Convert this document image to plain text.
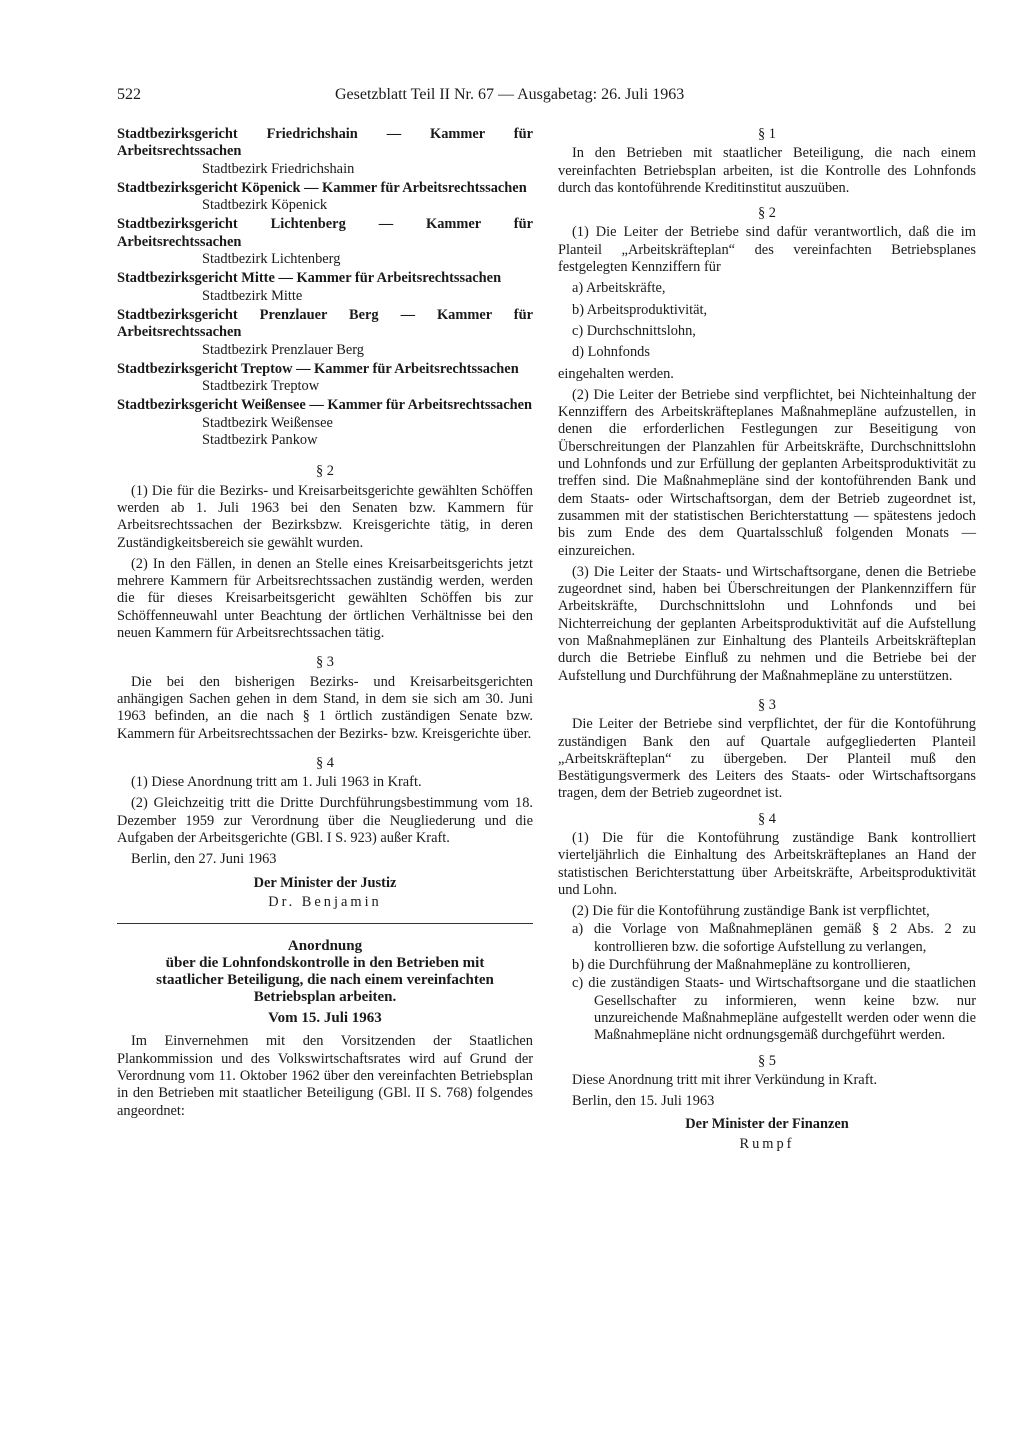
522	Gesetzblatt Teil II Nr. 67 — Ausgabetag: 26. Juli 1963
Stadtbezirksgericht Friedrichshain — Kammer für Arbeitsrechtssachen
Stadtbezirk Friedrichshain
Stadtbezirksgericht Köpenick — Kammer für Arbeitsrechtssachen
Stadtbezirk Köpenick
Stadtbezirksgericht Lichtenberg — Kammer für Arbeitsrechtssachen
Stadtbezirk Lichtenberg
Stadtbezirksgericht Mitte — Kammer für Arbeitsrechtssachen
Stadtbezirk Mitte
Stadtbezirksgericht Prenzlauer Berg — Kammer für Arbeitsrechtssachen
Stadtbezirk Prenzlauer Berg
Stadtbezirksgericht Treptow — Kammer für Arbeitsrechtssachen
Stadtbezirk Treptow
Stadtbezirksgericht Weißensee — Kammer für Arbeitsrechtssachen
Stadtbezirk Weißensee
Stadtbezirk Pankow
§ 2

(1) Die für die Bezirks- und Kreisarbeitsgerichte gewählten Schöffen werden ab 1. Juli 1963 bei den Senaten bzw. Kammern für Arbeitsrechtssachen der Bezirksbzw. Kreisgerichte tätig, in deren Zuständigkeitsbereich sie gewählt wurden.

(2) In den Fällen, in denen an Stelle eines Kreisarbeitsgerichts jetzt mehrere Kammern für Arbeitsrechtssachen zuständig werden, werden die für dieses Kreisarbeitsgericht gewählten Schöffen bis zur Schöffenneuwahl unter Beachtung der örtlichen Verhältnisse bei den neuen Kammern für Arbeitsrechtssachen tätig.

§ 3

Die bei den bisherigen Bezirks- und Kreisarbeitsgerichten anhängigen Sachen gehen in dem Stand, in dem sie sich am 30. Juni 1963 befinden, an die nach § 1 örtlich zuständigen Senate bzw. Kammern für Arbeitsrechtssachen der Bezirks- bzw. Kreisgerichte über.

§ 4

(1) Diese Anordnung tritt am 1. Juli 1963 in Kraft.

(2) Gleichzeitig tritt die Dritte Durchführungsbestimmung vom 18. Dezember 1959 zur Verordnung über die Neugliederung und die Aufgaben der Arbeitsgerichte (GBl. I S. 923) außer Kraft.

Berlin, den 27. Juni 1963

Der Minister der Justiz
Dr. Benjamin
Anordnung
über die Lohnfondskontrolle in den Betrieben mit staatlicher Beteiligung, die nach einem vereinfachten Betriebsplan arbeiten.
Vom 15. Juli 1963

Im Einvernehmen mit den Vorsitzenden der Staatlichen Plankommission und des Volkswirtschaftsrates wird auf Grund der Verordnung vom 11. Oktober 1962 über den vereinfachten Betriebsplan in den Betrieben mit staatlicher Beteiligung (GBl. II S. 768) folgendes angeordnet:

§ 1

In den Betrieben mit staatlicher Beteiligung, die nach einem vereinfachten Betriebsplan arbeiten, ist die Kontrolle des Lohnfonds durch das kontoführende Kreditinstitut auszuüben.

§ 2

(1) Die Leiter der Betriebe sind dafür verantwortlich, daß die im Planteil „Arbeitskräfteplan“ des vereinfachten Betriebsplanes festgelegten Kennziffern für

a) Arbeitskräfte,
b) Arbeitsproduktivität,
c) Durchschnittslohn,
d) Lohnfonds

eingehalten werden.

(2) Die Leiter der Betriebe sind verpflichtet, bei Nichteinhaltung der Kennziffern des Arbeitskräfteplanes Maßnahmepläne aufzustellen, in denen die erforderlichen Festlegungen zur Beseitigung von Überschreitungen der Planzahlen für Arbeitskräfte, Durchschnittslohn und Lohnfonds und zur Erfüllung der geplanten Arbeitsproduktivität zu treffen sind. Die Maßnahmepläne sind der kontoführenden Bank und dem Staats- oder Wirtschaftsorgan, dem der Betrieb zugeordnet ist, zusammen mit der statistischen Berichterstattung — spätestens jedoch bis zum Ende des dem Quartalsschluß folgenden Monats — einzureichen.

(3) Die Leiter der Staats- und Wirtschaftsorgane, denen die Betriebe zugeordnet sind, haben bei Überschreitungen der Plankennziffern für Arbeitskräfte, Durchschnittslohn und Lohnfonds und bei Nichterreichung der geplanten Arbeitsproduktivität auf die Aufstellung von Maßnahmeplänen zur Einhaltung des Planteils Arbeitskräfteplan durch die Betriebe Einfluß zu nehmen und die Betriebe bei der Aufstellung und Durchführung der Maßnahmepläne zu unterstützen.

§ 3

Die Leiter der Betriebe sind verpflichtet, der für die Kontoführung zuständigen Bank den auf Quartale aufgegliederten Planteil „Arbeitskräfteplan“ zu übergeben. Der Planteil muß den Bestätigungsvermerk des Leiters des Staats- oder Wirtschaftsorgans tragen, dem der Betrieb zugeordnet ist.

§ 4

(1) Die für die Kontoführung zuständige Bank kontrolliert vierteljährlich die Einhaltung des Arbeitskräfteplanes an Hand der statistischen Berichterstattung über Arbeitskräfte, Arbeitsproduktivität und Lohn.

(2) Die für die Kontoführung zuständige Bank ist verpflichtet,

a) die Vorlage von Maßnahmeplänen gemäß § 2 Abs. 2 zu kontrollieren bzw. die sofortige Aufstellung zu verlangen,
b) die Durchführung der Maßnahmepläne zu kontrollieren,
c) die zuständigen Staats- und Wirtschaftsorgane und die staatlichen Gesellschafter zu informieren, wenn keine bzw. nur unzureichende Maßnahmepläne aufgestellt werden oder wenn die Maßnahmepläne nicht ordnungsgemäß durchgeführt werden.
§ 5

Diese Anordnung tritt mit ihrer Verkündung in Kraft.

Berlin, den 15. Juli 1963

Der Minister der Finanzen
Rumpf
